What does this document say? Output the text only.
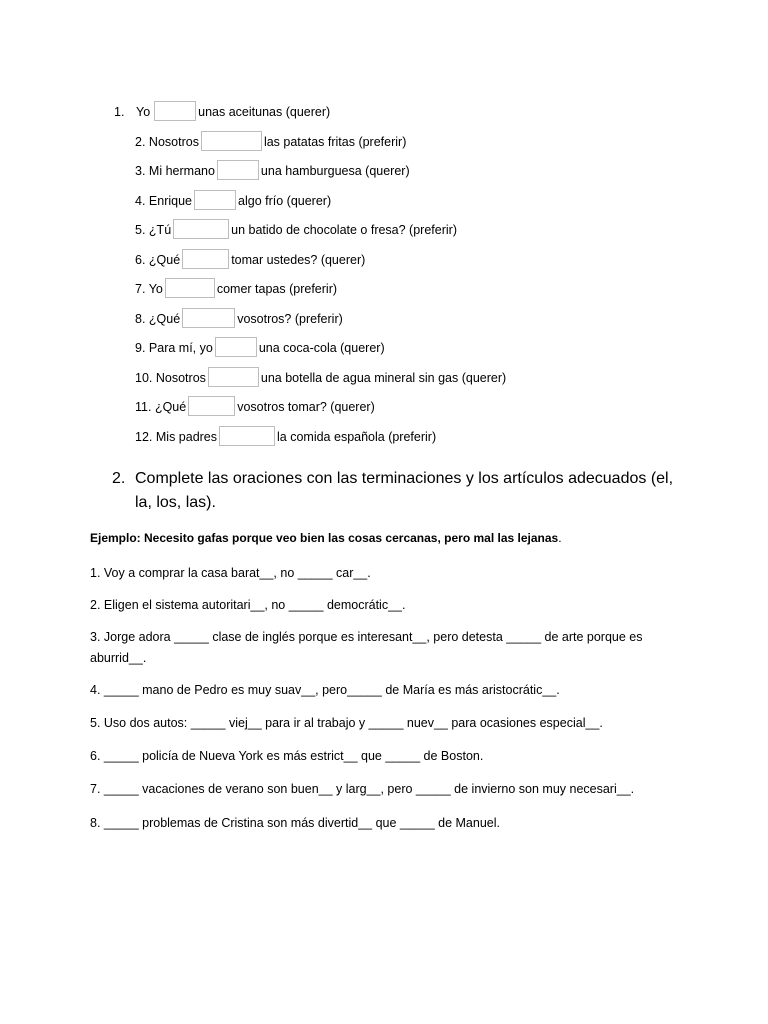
1. Yo	unas aceitunas (querer)
2. Nosotros	las patatas fritas (preferir)
3. Mi hermano	una hamburguesa (querer)
4. Enrique	algo frío (querer)
5. ¿Tú	un batido de chocolate o fresa? (preferir)
6. ¿Qué	tomar ustedes? (querer)
7. Yo	comer tapas (preferir)
8. ¿Qué	vosotros? (preferir)
9. Para mí, yo	una coca-cola (querer)
10. Nosotros	una botella de agua mineral sin gas (querer)
11. ¿Qué	vosotros tomar? (querer)
12. Mis padres	la comida española (preferir)
2. Complete las oraciones con las terminaciones y los artículos adecuados (el, la, los, las).
Ejemplo: Necesito gafas porque veo bien las cosas cercanas, pero mal las lejanas.
1. Voy a comprar la casa barat__, no _____ car__.
2. Eligen el sistema autoritari__, no _____ democrátic__.
3. Jorge adora _____ clase de inglés porque es interesant__, pero detesta _____ de arte porque es aburrid__.
4. _____ mano de Pedro es muy suav__, pero_____ de María es más aristocrátic__.
5. Uso dos autos: _____ viej__ para ir al trabajo y _____ nuev__ para ocasiones especial__.
6. _____ policía de Nueva York es más estrict__ que _____ de Boston.
7. _____ vacaciones de verano son buen__ y larg__, pero _____ de invierno son muy necesari__.
8. _____ problemas de Cristina son más divertid__ que _____ de Manuel.
